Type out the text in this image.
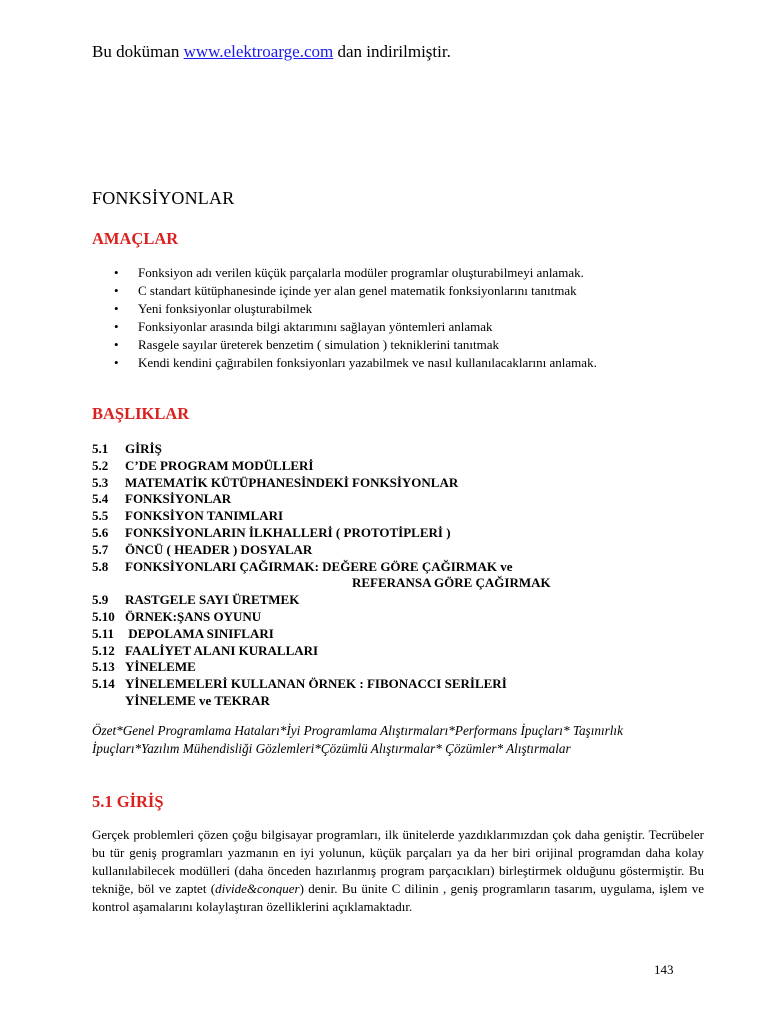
Bu doküman www.elektroarge.com dan indirilmiştir.
FONKSİYONLAR
AMAÇLAR
• Fonksiyon adı verilen küçük parçalarla modüler programlar oluşturabilmeyi anlamak.
• C standart kütüphanesinde içinde yer alan genel matematik fonksiyonlarını tanıtmak
• Yeni fonksiyonlar oluşturabilmek
• Fonksiyonlar arasında bilgi aktarımını sağlayan yöntemleri anlamak
• Rasgele sayılar üreterek benzetim ( simulation ) tekniklerini tanıtmak
• Kendi kendini çağırabilen fonksiyonları yazabilmek ve nasıl kullanılacaklarını anlamak.
BAŞLIKLAR
5.1 GİRİŞ
5.2 C’DE PROGRAM MODÜLLERİ
5.3 MATEMATİK KÜTÜPHANESİNDEKİ FONKSİYONLAR
5.4 FONKSİYONLAR
5.5 FONKSİYON TANIMLARI
5.6 FONKSİYONLARIN İLKHALLERİ ( PROTOTİPLERİ )
5.7 ÖNCÜ ( HEADER ) DOSYALAR
5.8 FONKSİYONLARI ÇAĞIRMAK: DEĞERE GÖRE ÇAĞIRMAK ve
REFERANSA GÖRE ÇAĞIRMAK
5.9 RASTGELE SAYI ÜRETMEK
5.10 ÖRNEK:ŞANS OYUNU
5.11 DEPOLAMA SINIFLARI
5.12 FAALİYET ALANI KURALLARI
5.13 YİNELEME
5.14 YİNELEMELERİ KULLANAN ÖRNEK : FIBONACCI SERİLERİ
YİNELEME ve TEKRAR

Özet*Genel Programlama Hataları*İyi Programlama Alıştırmaları*Performans İpuçları* Taşınırlık İpuçları*Yazılım Mühendisliği Gözlemleri*Çözümlü Alıştırmalar* Çözümler* Alıştırmalar

5.1 GİRİŞ

Gerçek problemleri çözen çoğu bilgisayar programları, ilk ünitelerde yazdıklarımızdan çok daha geniştir. Tecrübeler bu tür geniş programları yazmanın en iyi yolunun, küçük parçaları ya da her biri orijinal programdan daha kolay kullanılabilecek modülleri (daha önceden hazırlanmış program parçacıkları) birleştirmek olduğunu göstermiştir. Bu tekniğe, böl ve zaptet (divide&conquer) denir. Bu ünite C dilinin , geniş programların tasarım, uygulama, işlem ve kontrol aşamalarını kolaylaştıran özelliklerini açıklamaktadır.

143
